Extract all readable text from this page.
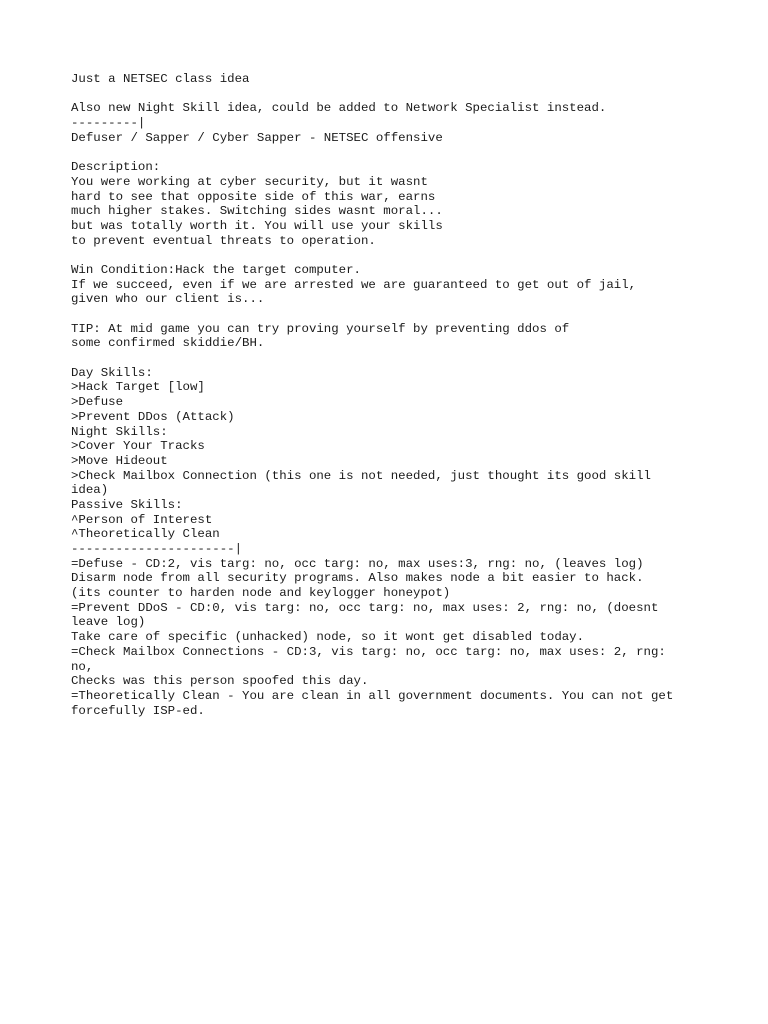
Just a NETSEC class idea
Also new Night Skill idea, could be added to Network Specialist instead.
---------|
Defuser / Sapper / Cyber Sapper - NETSEC offensive
Description:
You were working at cyber security, but it wasnt
hard to see that opposite side of this war, earns
much higher stakes. Switching sides wasnt moral...
but was totally worth it. You will use your skills
to prevent eventual threats to operation.
Win Condition:Hack the target computer.
If we succeed, even if we are arrested we are guaranteed to get out of jail,
given who our client is...
TIP: At mid game you can try proving yourself by preventing ddos of
some confirmed skiddie/BH.
Day Skills:
>Hack Target [low]
>Defuse
>Prevent DDos (Attack)
Night Skills:
>Cover Your Tracks
>Move Hideout
>Check Mailbox Connection (this one is not needed, just thought its good skill
idea)
Passive Skills:
^Person of Interest
^Theoretically Clean
----------------------|
=Defuse - CD:2, vis targ: no, occ targ: no, max uses:3, rng: no, (leaves log)
Disarm node from all security programs. Also makes node a bit easier to hack.
(its counter to harden node and keylogger honeypot)
=Prevent DDoS - CD:0, vis targ: no, occ targ: no, max uses: 2, rng: no, (doesnt
leave log)
Take care of specific (unhacked) node, so it wont get disabled today.
=Check Mailbox Connections - CD:3, vis targ: no, occ targ: no, max uses: 2, rng:
no,
Checks was this person spoofed this day.
=Theoretically Clean - You are clean in all government documents. You can not get
forcefully ISP-ed.
